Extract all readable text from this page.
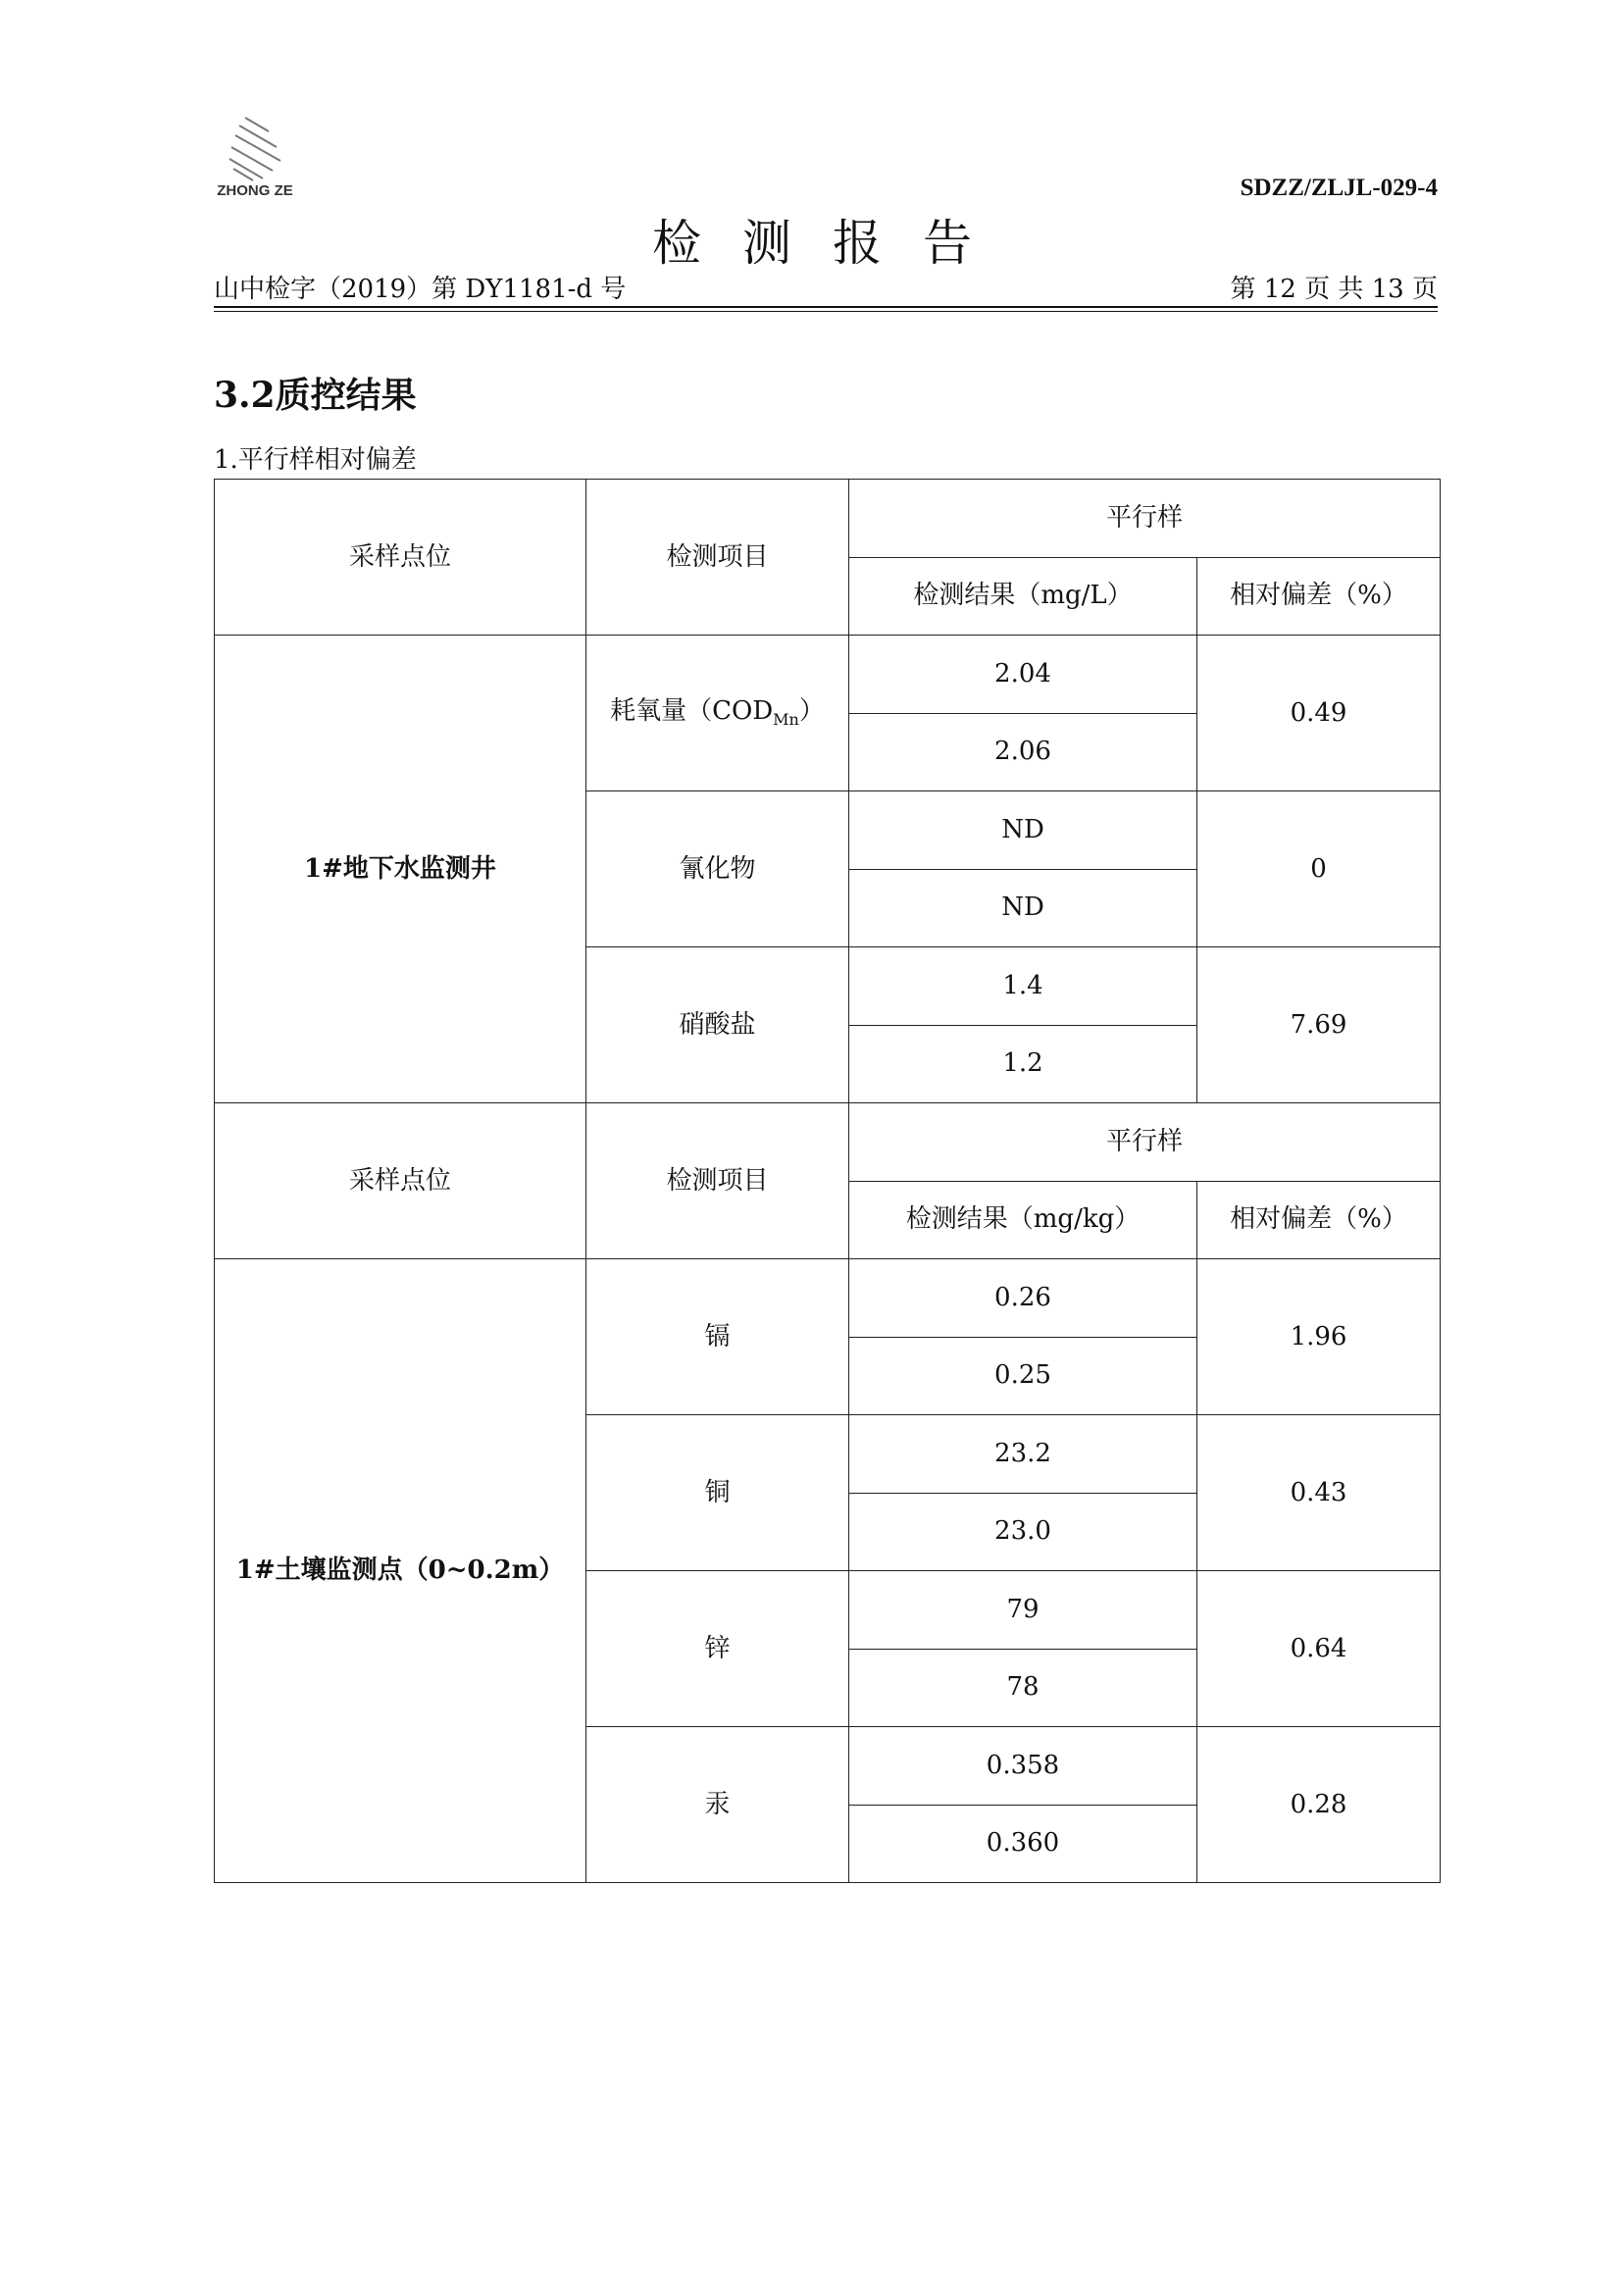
ZHONG ZE	SDZZ/ZLJL-029-4
检测报告
山中检字（2019）第 DY1181-d 号	第 12 页 共 13 页
3.2质控结果
1.平行样相对偏差
采样点位	检测项目	平行样	
		检测结果（mg/L）	相对偏差（%）
1#地下水监测井	耗氧量$(COD_{Mn})$	2.04	0.49
		2.06	
	氰化物	ND	0
		ND	
	硝酸盐	1.4	7.69
		1.2	
采样点位	检测项目	平行样	
		检测结果（mg/kg）	相对偏差（%）
1#土壤监测点（0~0.2m）	镉	0.26	1.96
		0.25	
	铜	23.2	0.43
		23.0	
	锌	79	0.64
		78	
	汞	0.358	0.28
		0.360	
